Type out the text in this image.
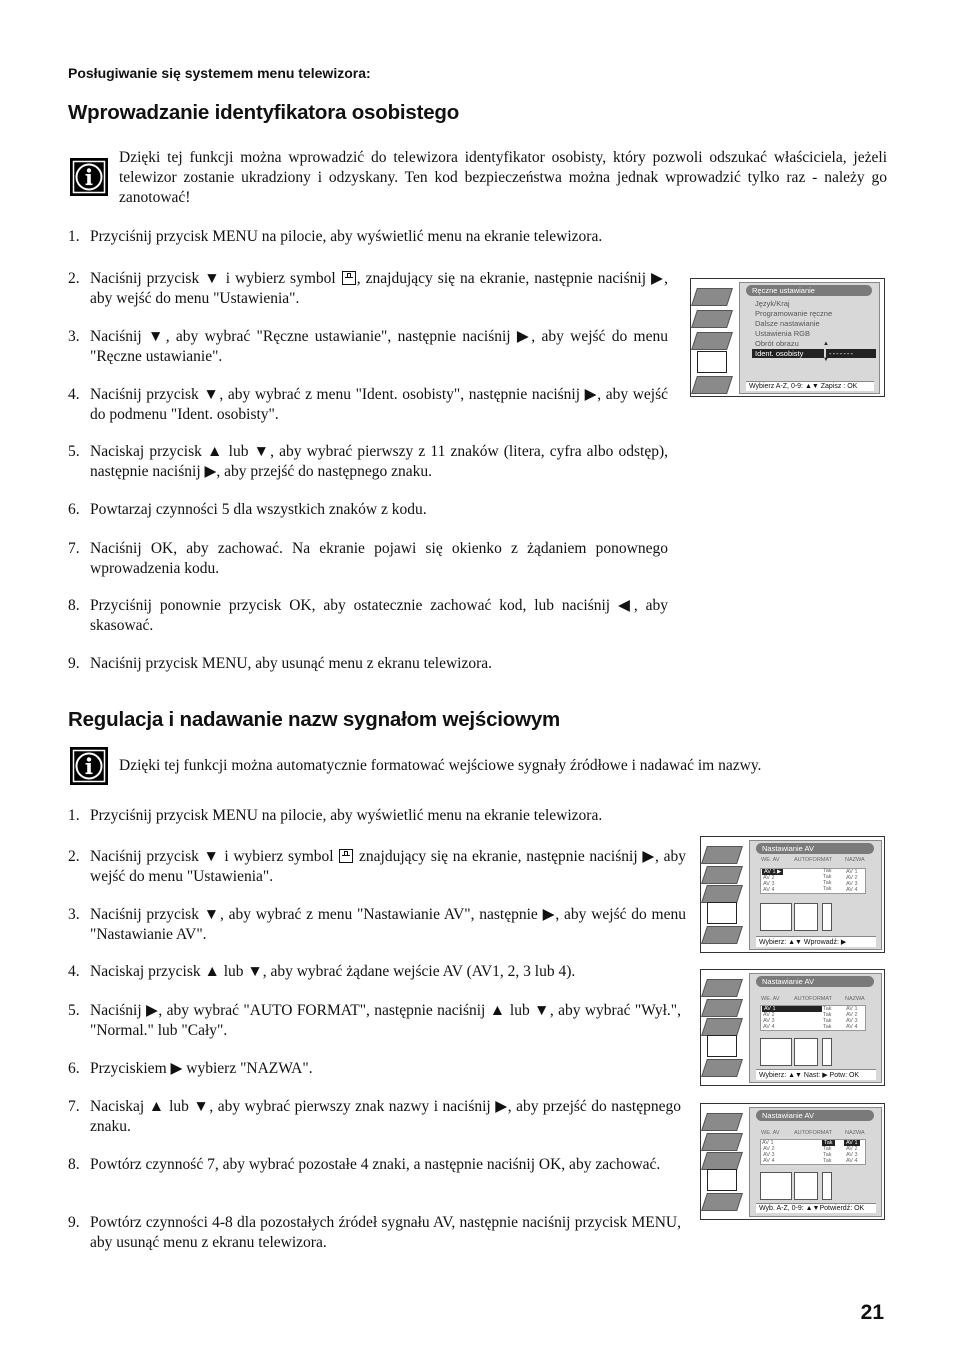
Posługiwanie się systemem menu telewizora:
Wprowadzanie identyfikatora osobistego
Dzięki tej funkcji można wprowadzić do telewizora identyfikator osobisty, który pozwoli odszukać właściciela, jeżeli telewizor zostanie ukradziony i odzyskany. Ten kod bezpieczeństwa można jednak wprowadzić tylko raz - należy go zanotować!
1. Przyciśnij przycisk MENU na pilocie, aby wyświetlić menu na ekranie telewizora.
2. Naciśnij przycisk ▼ i wybierz symbol , znajdujący się na ekranie, następnie naciśnij ▶, aby wejść do menu "Ustawienia".
3. Naciśnij ▼, aby wybrać "Ręczne ustawianie", następnie naciśnij ▶, aby wejść do menu "Ręczne ustawianie".
4. Naciśnij przycisk ▼, aby wybrać z menu "Ident. osobisty", następnie naciśnij ▶, aby wejść do podmenu "Ident. osobisty".
5. Naciskaj przycisk ▲ lub ▼, aby wybrać pierwszy z 11 znaków (litera, cyfra albo odstęp), następnie naciśnij ▶, aby przejść do następnego znaku.
6. Powtarzaj czynności 5 dla wszystkich znaków z kodu.
7. Naciśnij OK, aby zachować. Na ekranie pojawi się okienko z żądaniem ponownego wprowadzenia kodu.
8. Przyciśnij ponownie przycisk OK, aby ostatecznie zachować kod, lub naciśnij ◀, aby skasować.
9. Naciśnij przycisk MENU, aby usunąć menu z ekranu telewizora.
Ręczne ustawianie
Język/Kraj
Programowanie ręczne
Dalsze nastawianie
Ustawienia RGB
Obrót obrazu
Ident. osobisty	- - - - - - -
▲
▼
Wybierz A-Z, 0-9: ▲▼ Zapisz : OK
Regulacja i nadawanie nazw sygnałom wejściowym
Dzięki tej funkcji można automatycznie formatować wejściowe sygnały źródłowe i nadawać im nazwy.
1. Przyciśnij przycisk MENU na pilocie, aby wyświetlić menu na ekranie telewizora.
2. Naciśnij przycisk ▼ i wybierz symbol  znajdujący się na ekranie, następnie naciśnij ▶, aby wejść do menu "Ustawienia".
3. Naciśnij przycisk ▼, aby wybrać z menu "Nastawianie AV", następnie ▶, aby wejść do menu "Nastawianie AV".
4. Naciskaj przycisk ▲ lub ▼, aby wybrać żądane wejście AV (AV1, 2, 3 lub 4).
5. Naciśnij ▶, aby wybrać "AUTO FORMAT", następnie naciśnij ▲ lub ▼, aby wybrać "Wył.", "Normal." lub "Cały".
6. Przyciskiem ▶ wybierz "NAZWA".
7. Naciskaj ▲ lub ▼, aby wybrać pierwszy znak nazwy i naciśnij ▶, aby przejść do następnego znaku.
8. Powtórz czynność 7, aby wybrać pozostałe 4 znaki, a następnie naciśnij OK, aby zachować.
9. Powtórz czynności 4-8 dla pozostałych źródeł sygnału AV, następnie naciśnij przycisk MENU, aby usunąć menu z ekranu telewizora.
Nastawianie AV
WE. AV	AUTOFORMAT NAZWA
AV 1 ▶	Tak	AV 1
AV 2	Tak	AV 2
AV 3	Tak	AV 3
AV 4	Tak	AV 4
Wybierz: ▲▼ Wprowadź: ▶
Nastawianie AV
WE. AV	AUTOFORMAT NAZWA
AV 1	Tak	AV 1
AV 2	Tak	AV 2
AV 3	Tak	AV 3
AV 4	Tak	AV 4
Wybierz: ▲▼ Nast: ▶ Potw: OK
Nastawianie AV
WE. AV	AUTOFORMAT NAZWA
AV 1	Tak	AV 1
AV 2	Tak	AV 2
AV 3	Tak	AV 3
AV 4	Tak	AV 4
Wyb. A-Z, 0-9: ▲▼Potwierdź: OK
21
